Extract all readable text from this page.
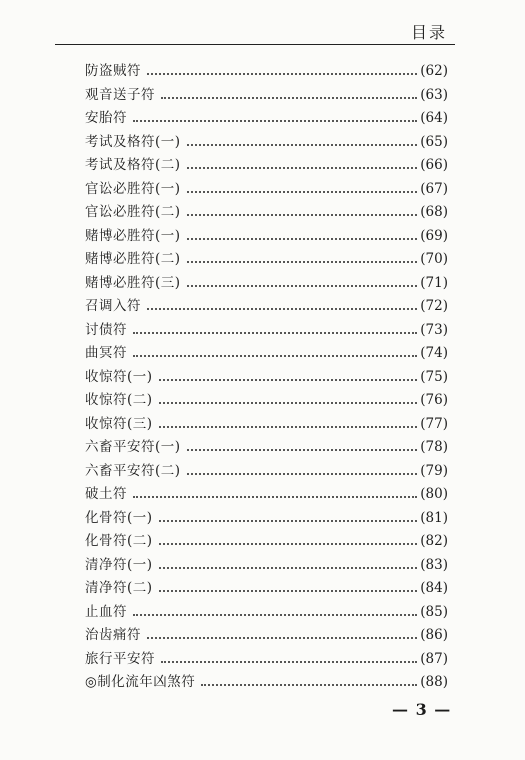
目录
防盗贼符	(62)
观音送子符	(63)
安胎符	(64)
考试及格符(一)	(65)
考试及格符(二)	(66)
官讼必胜符(一)	(67)
官讼必胜符(二)	(68)
赌博必胜符(一)	(69)
赌博必胜符(二)	(70)
赌博必胜符(三)	(71)
召调入符	(72)
讨债符	(73)
曲冥符	(74)
收惊符(一)	(75)
收惊符(二)	(76)
收惊符(三)	(77)
六畜平安符(一)	(78)
六畜平安符(二)	(79)
破土符	(80)
化骨符(一)	(81)
化骨符(二)	(82)
清净符(一)	(83)
清净符(二)	(84)
止血符	(85)
治齿痛符	(86)
旅行平安符	(87)
◎制化流年凶煞符	(88)
— 3 —
